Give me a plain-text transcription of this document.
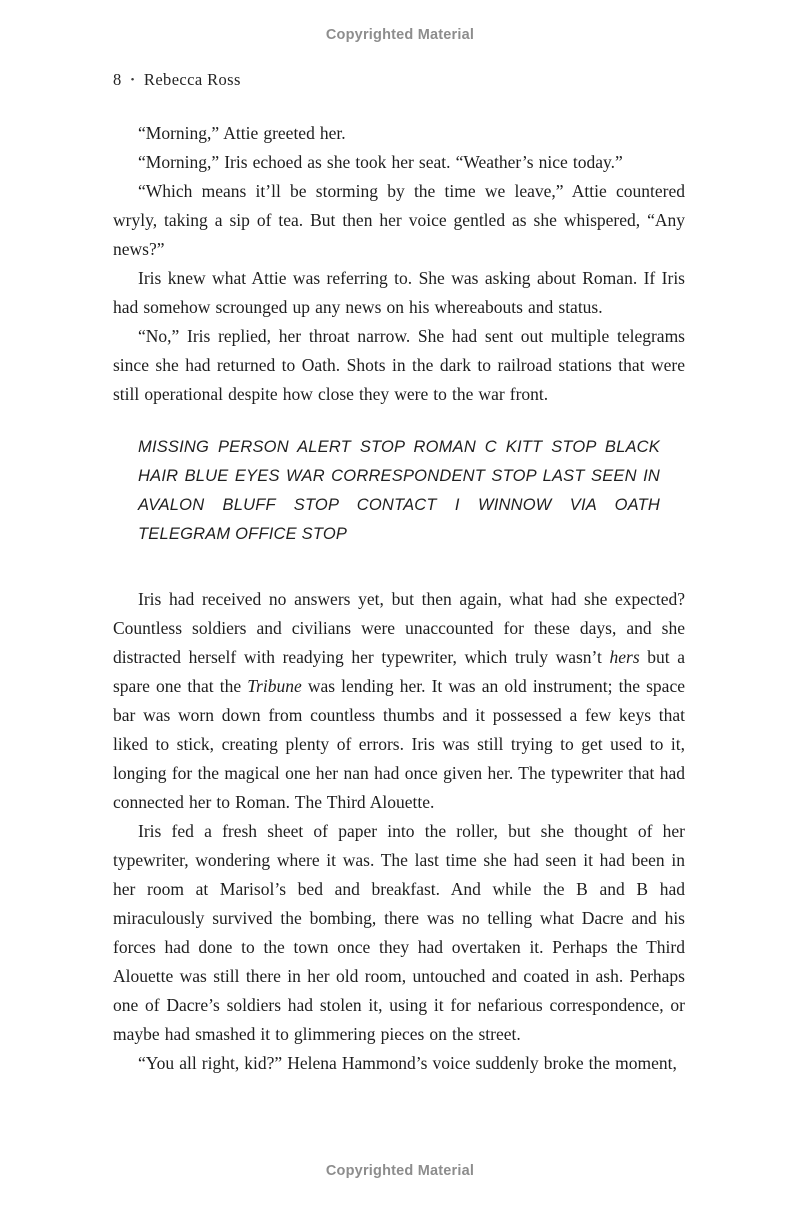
Copyrighted Material
8 • Rebecca Ross

“Morning,” Attie greeted her.

“Morning,” Iris echoed as she took her seat. “Weather’s nice today.”

“Which means it’ll be storming by the time we leave,” Attie countered wryly, taking a sip of tea. But then her voice gentled as she whispered, “Any news?”

Iris knew what Attie was referring to. She was asking about Roman. If Iris had somehow scrounged up any news on his whereabouts and status.

“No,” Iris replied, her throat narrow. She had sent out multiple telegrams since she had returned to Oath. Shots in the dark to railroad stations that were still operational despite how close they were to the war front.

MISSING PERSON ALERT STOP ROMAN C KITT STOP BLACK HAIR BLUE EYES WAR CORRESPONDENT STOP LAST SEEN IN AVALON BLUFF STOP CONTACT I WINNOW VIA OATH TELEGRAM OFFICE STOP

Iris had received no answers yet, but then again, what had she expected? Countless soldiers and civilians were unaccounted for these days, and she distracted herself with readying her typewriter, which truly wasn’t hers but a spare one that the Tribune was lending her. It was an old instrument; the space bar was worn down from countless thumbs and it possessed a few keys that liked to stick, creating plenty of errors. Iris was still trying to get used to it, longing for the magical one her nan had once given her. The typewriter that had connected her to Roman. The Third Alouette.

Iris fed a fresh sheet of paper into the roller, but she thought of her typewriter, wondering where it was. The last time she had seen it had been in her room at Marisol’s bed and breakfast. And while the B and B had miraculously survived the bombing, there was no telling what Dacre and his forces had done to the town once they had overtaken it. Perhaps the Third Alouette was still there in her old room, untouched and coated in ash. Perhaps one of Dacre’s soldiers had stolen it, using it for nefarious correspondence, or maybe had smashed it to glimmering pieces on the street.

“You all right, kid?” Helena Hammond’s voice suddenly broke the moment,

Copyrighted Material
